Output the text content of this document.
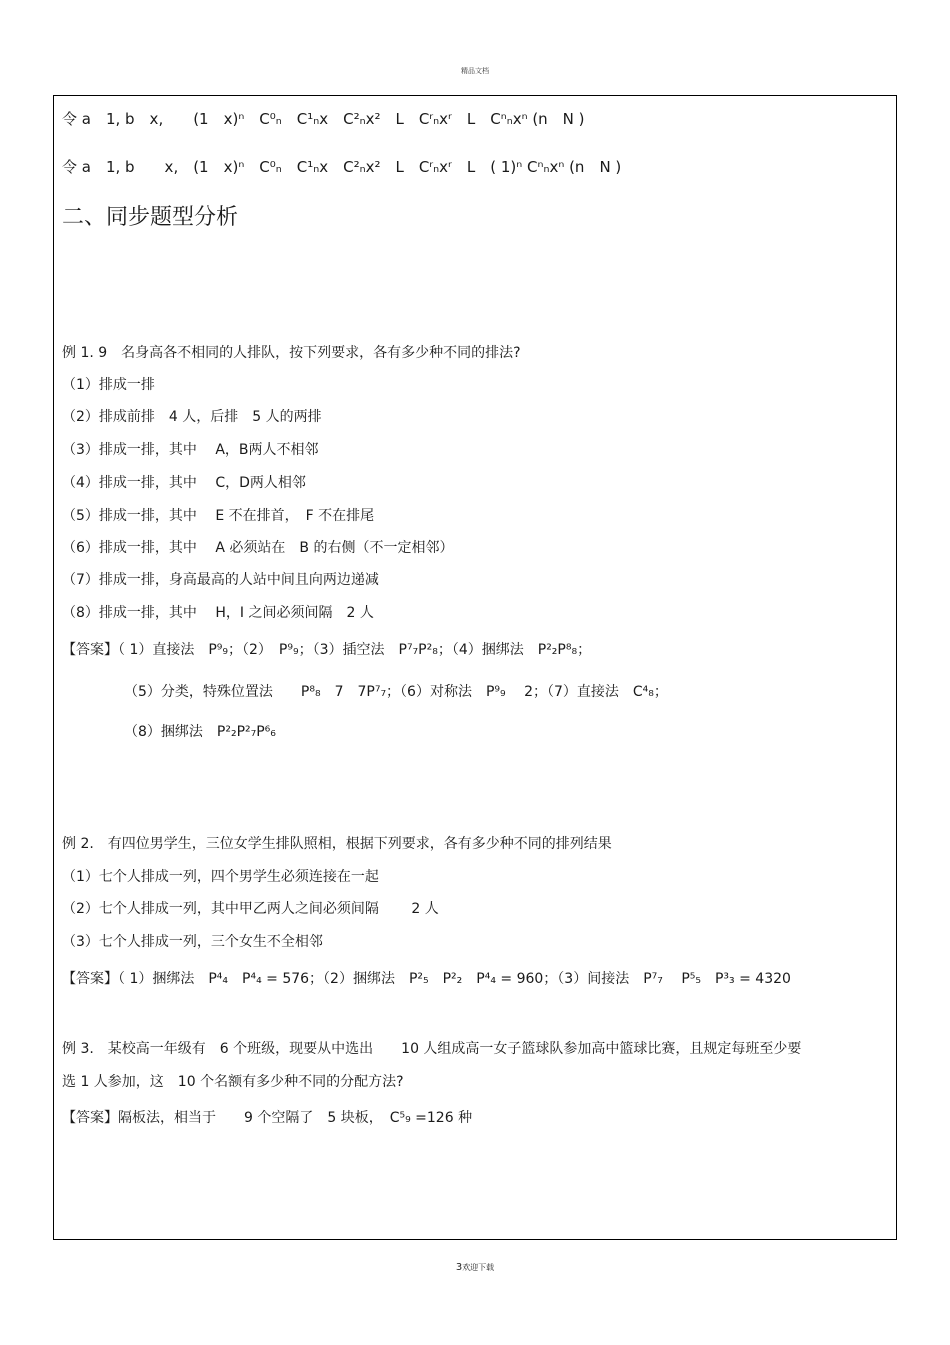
精品文档
令 a　1, b　x,　　(1　x)ⁿ　C⁰ₙ　C¹ₙx　C²ₙx²　L　Cʳₙxʳ　L　Cⁿₙxⁿ (n　N )
令 a　1, b　　x,　(1　x)ⁿ　C⁰ₙ　C¹ₙx　C²ₙx²　L　Cʳₙxʳ　L　( 1)ⁿ Cⁿₙxⁿ (n　N )
二、同步题型分析
例 1. 9　名身高各不相同的人排队，按下列要求，各有多少种不同的排法?
（1）排成一排
（2）排成前排　4 人，后排　5 人的两排
（3）排成一排，其中　 A，B两人不相邻
（4）排成一排，其中　 C，D两人相邻
（5）排成一排，其中　 E 不在排首，　F 不在排尾
（6）排成一排，其中　 A 必须站在　B 的右侧（不一定相邻）
（7）排成一排，身高最高的人站中间且向两边递减
（8）排成一排，其中　 H，I 之间必须间隔　2 人
【答案】（ 1）直接法　P⁹₉；（2）　P⁹₉；（3）插空法　P⁷₇P²₈；（4）捆绑法　P²₂P⁸₈；
（5）分类，特殊位置法　　P⁸₈　7　7P⁷₇；（6）对称法　P⁹₉　 2；（7）直接法　C⁴₈；
（8）捆绑法　P²₂P²₇P⁶₆
例 2.　有四位男学生，三位女学生排队照相，根据下列要求，各有多少种不同的排列结果
（1）七个人排成一列，四个男学生必须连接在一起
（2）七个人排成一列，其中甲乙两人之间必须间隔　　 2 人
（3）七个人排成一列，三个女生不全相邻
【答案】（ 1）捆绑法　P⁴₄　P⁴₄ = 576；（2）捆绑法　P²₅　P²₂　P⁴₄ = 960；（3）间接法　P⁷₇　 P⁵₅　P³₃ = 4320
例 3.　某校高一年级有　6 个班级，现要从中选出　　10 人组成高一女子篮球队参加高中篮球比赛，且规定每班至少要
选 1 人参加，这　10 个名额有多少种不同的分配方法?
【答案】隔板法，相当于　　9 个空隔了　5 块板，　C⁵₉ =126 种
3欢迎下载
